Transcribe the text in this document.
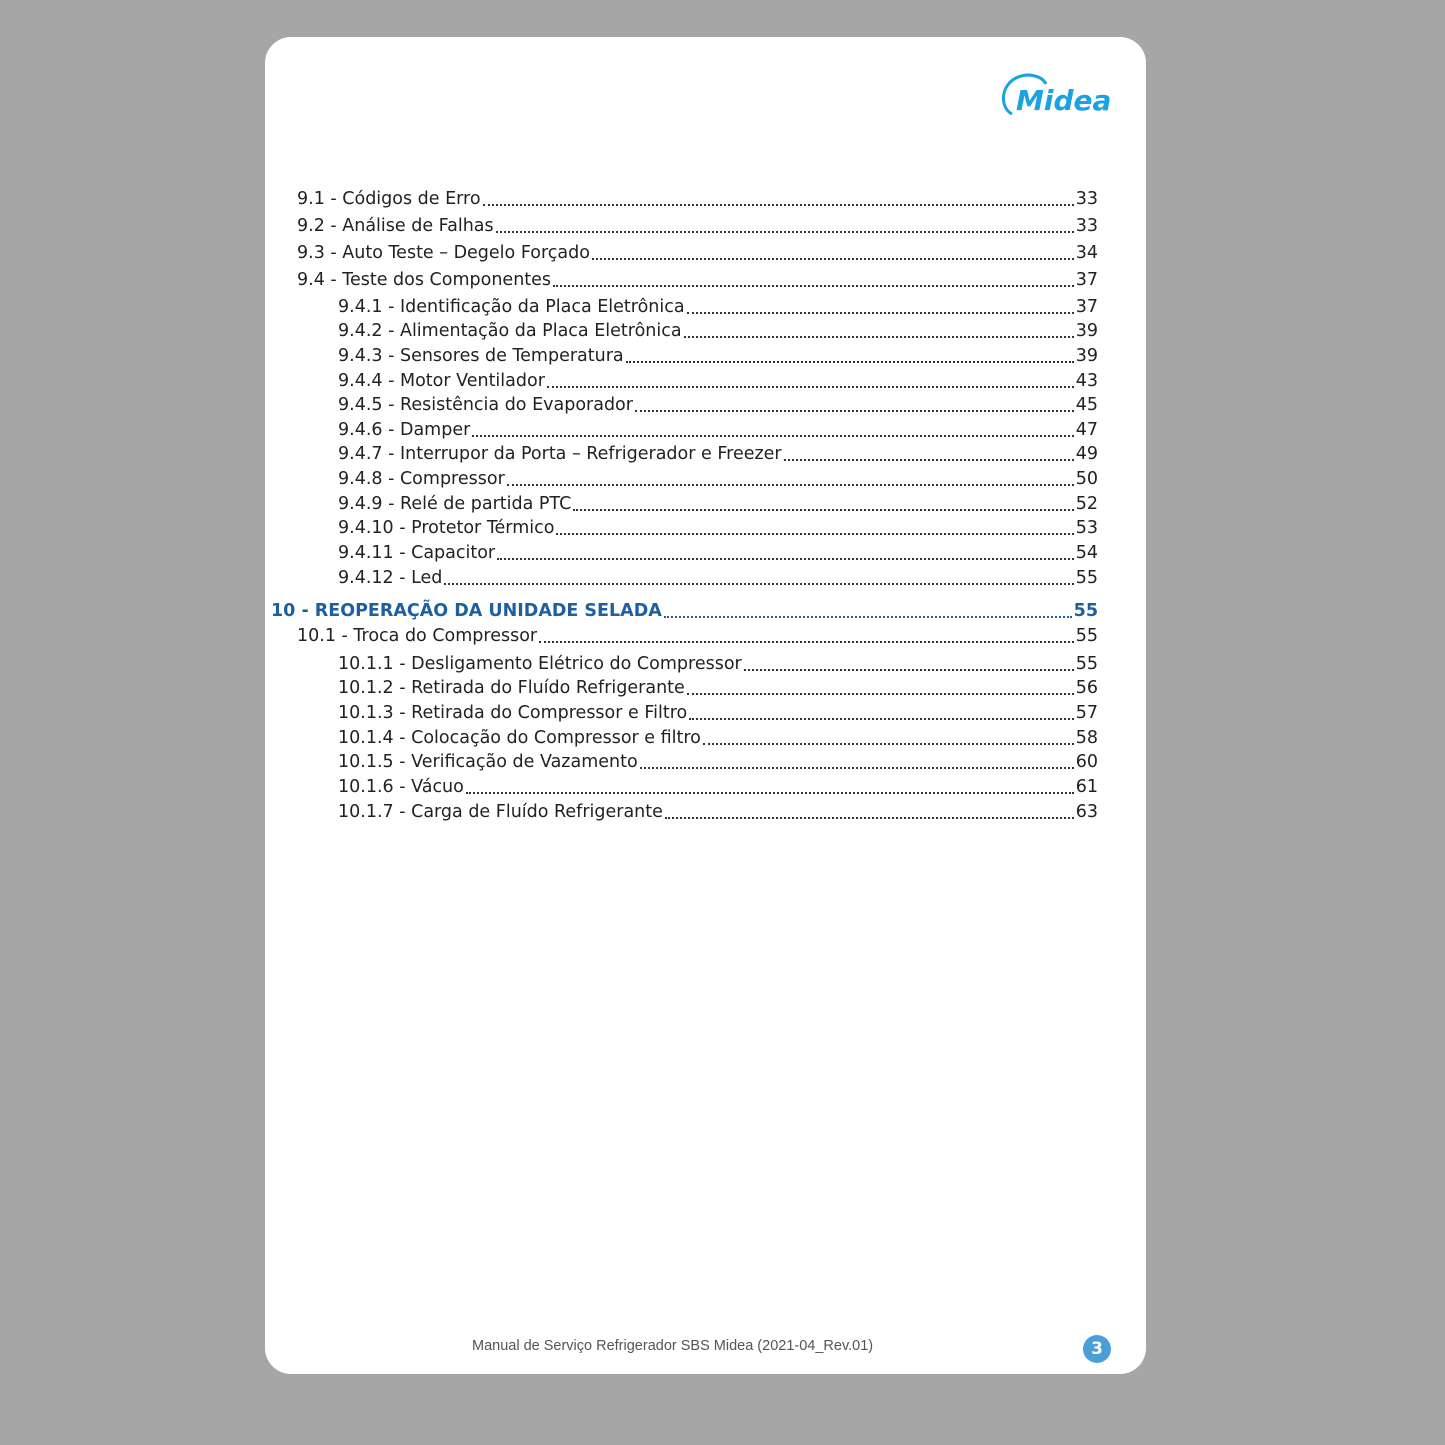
Midea
9.1 - Códigos de Erro	33
9.2 - Análise de Falhas	33
9.3 - Auto Teste – Degelo Forçado	34
9.4 - Teste dos Componentes	37
9.4.1 - Identificação da Placa Eletrônica	37
9.4.2 - Alimentação da Placa Eletrônica	39
9.4.3 - Sensores de Temperatura	39
9.4.4 - Motor Ventilador	43
9.4.5 - Resistência do Evaporador	45
9.4.6 - Damper	47
9.4.7 - Interrupor da Porta – Refrigerador e Freezer	49
9.4.8 - Compressor	50
9.4.9 - Relé de partida PTC	52
9.4.10 - Protetor Térmico	53
9.4.11 - Capacitor	54
9.4.12 - Led	55
10 - REOPERAÇÃO DA UNIDADE SELADA	55
10.1 - Troca do Compressor	55
10.1.1 - Desligamento Elétrico do Compressor	55
10.1.2 - Retirada do Fluído Refrigerante	56
10.1.3 - Retirada do Compressor e Filtro	57
10.1.4 - Colocação do Compressor e filtro	58
10.1.5 - Verificação de Vazamento	60
10.1.6 - Vácuo	61
10.1.7 - Carga de Fluído Refrigerante	63
Manual de Serviço Refrigerador SBS Midea (2021-04_Rev.01)	3
